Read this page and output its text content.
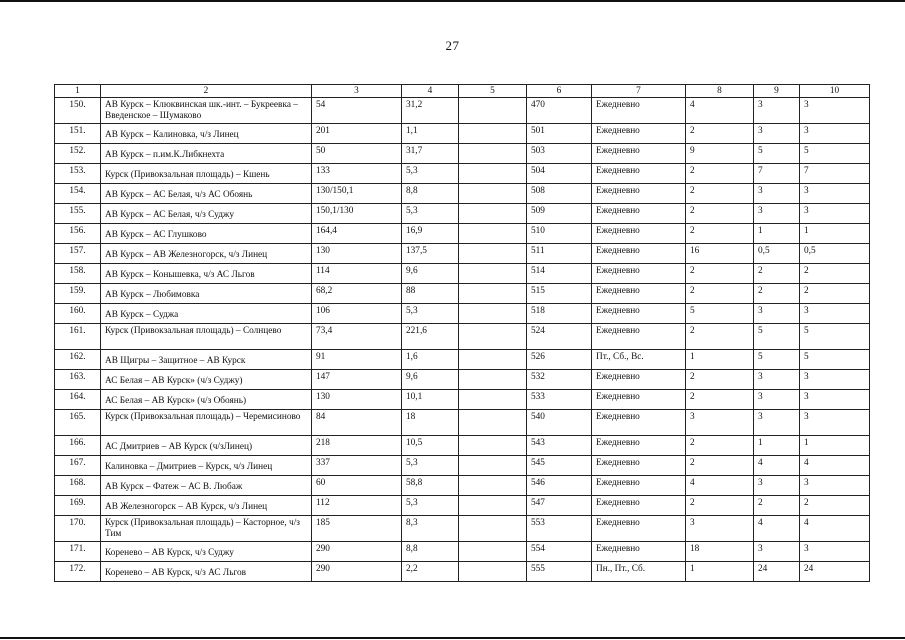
27
1	2	3	4	5	6	7	8	9	10
150.	АВ Курск – Клюквинская шк.-инт. – Букреевка – Введенское – Шумаково	54	31,2		470	Ежедневно	4	3	3
151.	АВ Курск – Калиновка, ч/з Линец	201	1,1		501	Ежедневно	2	3	3
152.	АВ Курск – п.им.К.Либкнехта	50	31,7		503	Ежедневно	9	5	5
153.	Курск (Привокзальная площадь) – Кшень	133	5,3		504	Ежедневно	2	7	7
154.	АВ Курск – АС Белая, ч/з АС Обоянь	130/150,1	8,8		508	Ежедневно	2	3	3
155.	АВ Курск – АС Белая, ч/з Суджу	150,1/130	5,3		509	Ежедневно	2	3	3
156.	АВ Курск – АС Глушково	164,4	16,9		510	Ежедневно	2	1	1
157.	АВ Курск – АВ Железногорск, ч/з Линец	130	137,5		511	Ежедневно	16	0,5	0,5
158.	АВ Курск – Конышевка, ч/з АС Льгов	114	9,6		514	Ежедневно	2	2	2
159.	АВ Курск – Любимовка	68,2	88		515	Ежедневно	2	2	2
160.	АВ Курск – Суджа	106	5,3		518	Ежедневно	5	3	3
161.	Курск (Привокзальная площадь) – Солнцево	73,4	221,6		524	Ежедневно	2	5	5
162.	АВ Щигры – Защитное – АВ Курск	91	1,6		526	Пт., Сб., Вс.	1	5	5
163.	АС Белая – АВ Курск» (ч/з Суджу)	147	9,6		532	Ежедневно	2	3	3
164.	АС Белая – АВ Курск» (ч/з Обоянь)	130	10,1		533	Ежедневно	2	3	3
165.	Курск (Привокзальная площадь) – Черемисиново	84	18		540	Ежедневно	3	3	3
166.	АС Дмитриев – АВ Курск (ч/зЛинец)	218	10,5		543	Ежедневно	2	1	1
167.	Калиновка – Дмитриев – Курск, ч/з Линец	337	5,3		545	Ежедневно	2	4	4
168.	АВ Курск – Фатеж – АС В. Любаж	60	58,8		546	Ежедневно	4	3	3
169.	АВ Железногорск – АВ Курск, ч/з Линец	112	5,3		547	Ежедневно	2	2	2
170.	Курск (Привокзальная площадь) – Касторное, ч/з Тим	185	8,3		553	Ежедневно	3	4	4
171.	Коренево – АВ Курск, ч/з Суджу	290	8,8		554	Ежедневно	18	3	3
172.	Коренево – АВ Курск, ч/з АС Льгов	290	2,2		555	Пн., Пт., Сб.	1	24	24
